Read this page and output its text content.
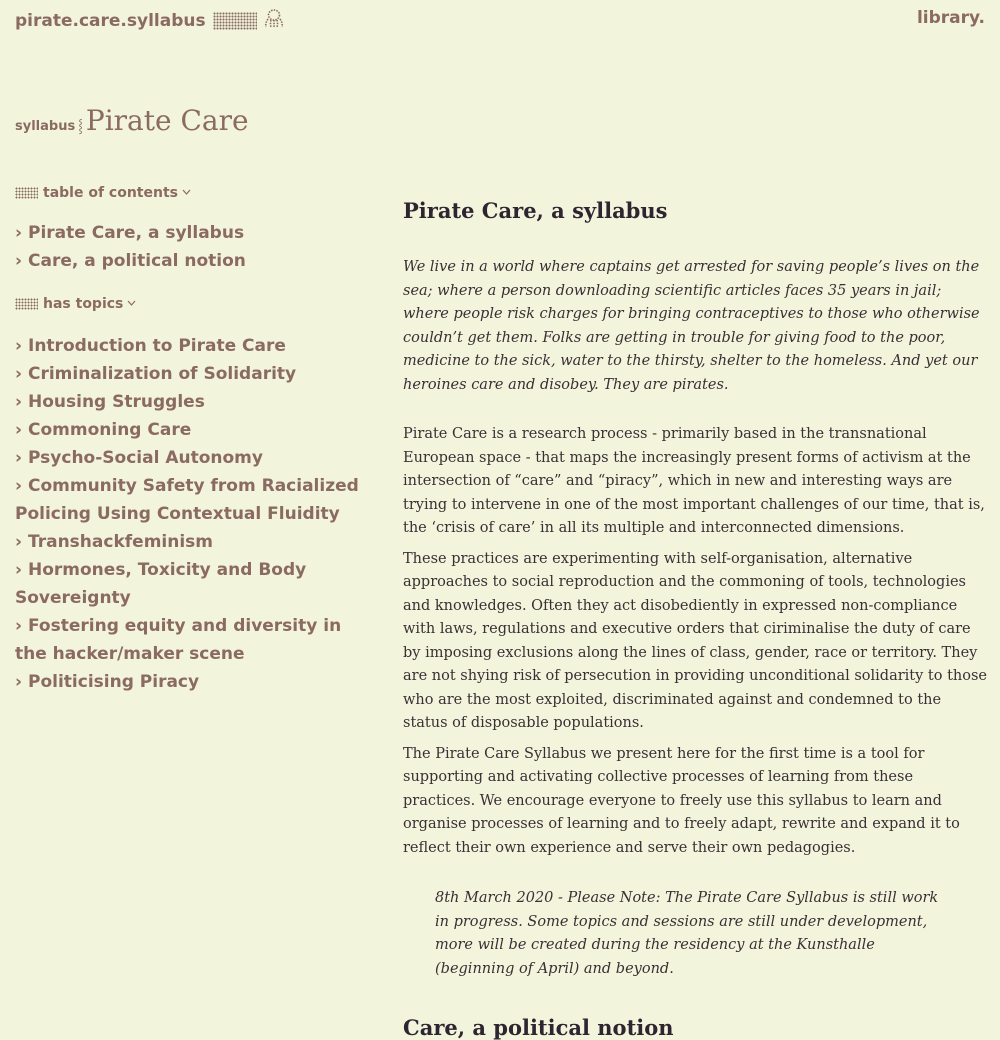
pirate.care.syllabus	library.
syllabus ⸾ Pirate Care
table of contents
› Pirate Care, a syllabus
› Care, a political notion
has topics
› Introduction to Pirate Care
› Criminalization of Solidarity
› Housing Struggles
› Commoning Care
› Psycho-Social Autonomy
› Community Safety from Racialized Policing Using Contextual Fluidity
› Transhackfeminism
› Hormones, Toxicity and Body Sovereignty
› Fostering equity and diversity in the hacker/maker scene
› Politicising Piracy
Pirate Care, a syllabus

We live in a world where captains get arrested for saving people’s lives on the sea; where a person downloading scientific articles faces 35 years in jail; where people risk charges for bringing contraceptives to those who otherwise couldn’t get them. Folks are getting in trouble for giving food to the poor, medicine to the sick, water to the thirsty, shelter to the homeless. And yet our heroines care and disobey. They are pirates.

Pirate Care is a research process - primarily based in the transnational European space - that maps the increasingly present forms of activism at the intersection of “care” and “piracy”, which in new and interesting ways are trying to intervene in one of the most important challenges of our time, that is, the ‘crisis of care’ in all its multiple and interconnected dimensions.

These practices are experimenting with self-organisation, alternative approaches to social reproduction and the commoning of tools, technologies and knowledges. Often they act disobediently in expressed non-compliance with laws, regulations and executive orders that ciriminalise the duty of care by imposing exclusions along the lines of class, gender, race or territory. They are not shying risk of persecution in providing unconditional solidarity to those who are the most exploited, discriminated against and condemned to the status of disposable populations.

The Pirate Care Syllabus we present here for the first time is a tool for supporting and activating collective processes of learning from these practices. We encourage everyone to freely use this syllabus to learn and organise processes of learning and to freely adapt, rewrite and expand it to reflect their own experience and serve their own pedagogies.

8th March 2020 - Please Note: The Pirate Care Syllabus is still work in progress. Some topics and sessions are still under development, more will be created during the residency at the Kunsthalle (beginning of April) and beyond.

Care, a political notion
